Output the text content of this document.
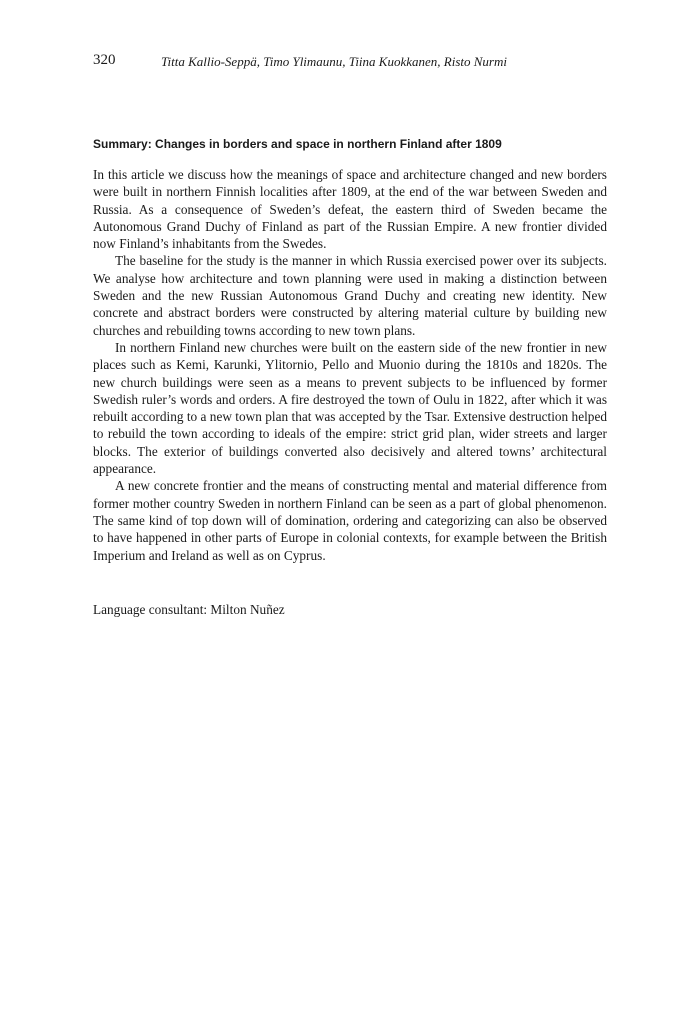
320	Titta Kallio-Seppä, Timo Ylimaunu, Tiina Kuokkanen, Risto Nurmi
Summary: Changes in borders and space in northern Finland after 1809

In this article we discuss how the meanings of space and architecture changed and new borders were built in northern Finnish localities after 1809, at the end of the war between Sweden and Russia. As a consequence of Sweden’s defeat, the eastern third of Sweden became the Autonomous Grand Duchy of Finland as part of the Russian Empire. A new frontier divided now Finland’s inhabitants from the Swedes.

The baseline for the study is the manner in which Russia exercised power over its subjects. We analyse how architecture and town planning were used in making a distinction between Sweden and the new Russian Autonomous Grand Duchy and creating new identity. New concrete and abstract borders were constructed by altering material culture by building new churches and rebuilding towns according to new town plans.

In northern Finland new churches were built on the eastern side of the new frontier in new places such as Kemi, Karunki, Ylitornio, Pello and Muonio during the 1810s and 1820s. The new church buildings were seen as a means to prevent subjects to be influenced by former Swedish ruler’s words and orders. A fire destroyed the town of Oulu in 1822, after which it was rebuilt according to a new town plan that was accepted by the Tsar. Extensive destruction helped to rebuild the town according to ideals of the empire: strict grid plan, wider streets and larger blocks. The exterior of buildings converted also decisively and altered towns’ architectural appearance.

A new concrete frontier and the means of constructing mental and material difference from former mother country Sweden in northern Finland can be seen as a part of global phenomenon. The same kind of top down will of domination, ordering and categorizing can also be observed to have happened in other parts of Europe in colonial contexts, for example between the British Imperium and Ireland as well as on Cyprus.

Language consultant: Milton Nuñez
